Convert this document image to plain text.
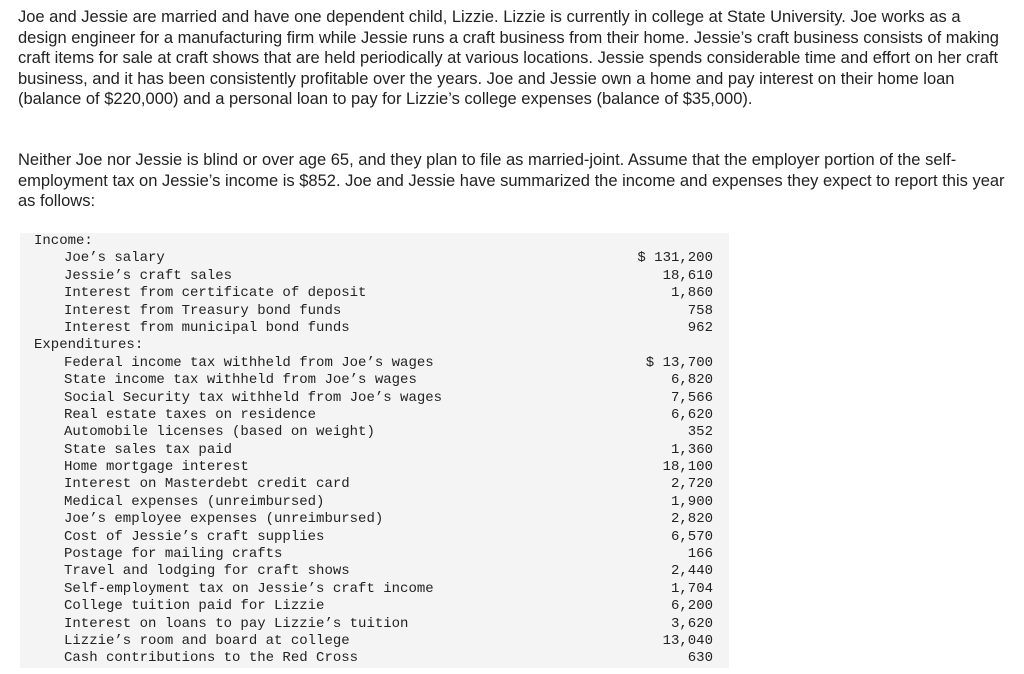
Joe and Jessie are married and have one dependent child, Lizzie. Lizzie is currently in college at State University. Joe works as a design engineer for a manufacturing firm while Jessie runs a craft business from their home. Jessie’s craft business consists of making craft items for sale at craft shows that are held periodically at various locations. Jessie spends considerable time and effort on her craft business, and it has been consistently profitable over the years. Joe and Jessie own a home and pay interest on their home loan (balance of $220,000) and a personal loan to pay for Lizzie’s college expenses (balance of $35,000).

Neither Joe nor Jessie is blind or over age 65, and they plan to file as married-joint. Assume that the employer portion of the self-employment tax on Jessie’s income is $852. Joe and Jessie have summarized the income and expenses they expect to report this year as follows:

Income:

Joe’s salary	$ 131,200
Jessie’s craft sales	18,610
Interest from certificate of deposit	1,860
Interest from Treasury bond funds	758
Interest from municipal bond funds	962

Expenditures:

Federal income tax withheld from Joe’s wages	$ 13,700
State income tax withheld from Joe’s wages	6,820
Social Security tax withheld from Joe’s wages	7,566
Real estate taxes on residence	6,620
Automobile licenses (based on weight)	352
State sales tax paid	1,360
Home mortgage interest	18,100
Interest on Masterdebt credit card	2,720
Medical expenses (unreimbursed)	1,900
Joe’s employee expenses (unreimbursed)	2,820
Cost of Jessie’s craft supplies	6,570
Postage for mailing crafts	166
Travel and lodging for craft shows	2,440
Self-employment tax on Jessie’s craft income	1,704
College tuition paid for Lizzie	6,200
Interest on loans to pay Lizzie’s tuition	3,620
Lizzie’s room and board at college	13,040
Cash contributions to the Red Cross	630
